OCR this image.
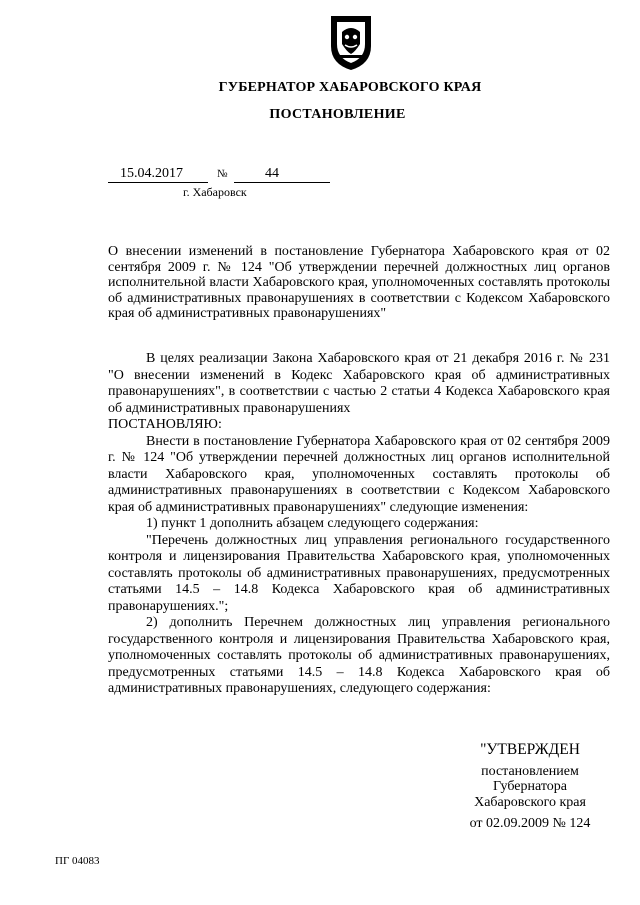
ГУБЕРНАТОР ХАБАРОВСКОГО КРАЯ
ПОСТАНОВЛЕНИЕ
15.04.2017	№	44
г. Хабаровск
О внесении изменений в постановление Губернатора Хабаровского края от 02 сентября 2009 г. № 124 "Об утверждении перечней должностных лиц органов исполнительной власти Хабаровского края, уполномоченных составлять протоколы об административных правонарушениях в соответствии с Кодексом Хабаровского края об административных правонарушениях"

В целях реализации Закона Хабаровского края от 21 декабря 2016 г. № 231 "О внесении изменений в Кодекс Хабаровского края об административных правонарушениях", в соответствии с частью 2 статьи 4 Кодекса Хабаровского края об административных правонарушениях

ПОСТАНОВЛЯЮ:

Внести в постановление Губернатора Хабаровского края от 02 сентября 2009 г. № 124 "Об утверждении перечней должностных лиц органов исполнительной власти Хабаровского края, уполномоченных составлять протоколы об административных правонарушениях в соответствии с Кодексом Хабаровского края об административных правонарушениях" следующие изменения:

1) пункт 1 дополнить абзацем следующего содержания:

"Перечень должностных лиц управления регионального государственного контроля и лицензирования Правительства Хабаровского края, уполномоченных составлять протоколы об административных правонарушениях, предусмотренных статьями 14.5 – 14.8 Кодекса Хабаровского края об административных правонарушениях.";

2) дополнить Перечнем должностных лиц управления регионального государственного контроля и лицензирования Правительства Хабаровского края, уполномоченных составлять протоколы об административных правонарушениях, предусмотренных статьями 14.5 – 14.8 Кодекса Хабаровского края об административных правонарушениях, следующего содержания:

"УТВЕРЖДЕН
постановлением
Губернатора
Хабаровского края
от 02.09.2009 № 124
ПГ 04083
